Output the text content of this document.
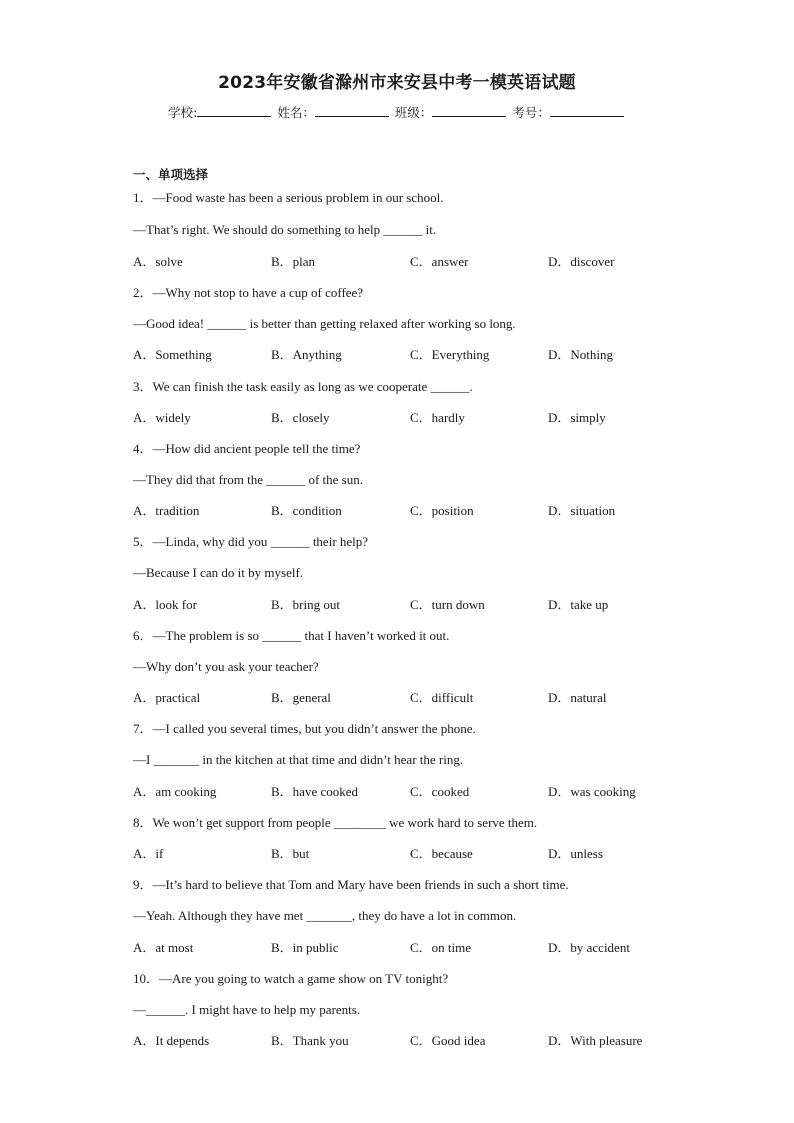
2023年安徽省滁州市来安县中考一模英语试题
学校:	姓名：	班级：	考号：
一、单项选择
1．—Food waste has been a serious problem in our school.
—That’s right. We should do something to help ______ it.
A．solve	B．plan	C．answer	D．discover
2．—Why not stop to have a cup of coffee?
—Good idea! ______ is better than getting relaxed after working so long.
A．Something	B．Anything	C．Everything	D．Nothing
3．We can finish the task easily as long as we cooperate ______.
A．widely	B．closely	C．hardly	D．simply
4．—How did ancient people tell the time?
—They did that from the ______ of the sun.
A．tradition	B．condition	C．position	D．situation
5．—Linda, why did you ______ their help?
—Because I can do it by myself.
A．look for	B．bring out	C．turn down	D．take up
6．—The problem is so ______ that I haven’t worked it out.
—Why don’t you ask your teacher?
A．practical	B．general	C．difficult	D．natural
7．—I called you several times, but you didn’t answer the phone.
—I _______ in the kitchen at that time and didn’t hear the ring.
A．am cooking	B．have cooked	C．cooked	D．was cooking
8．We won’t get support from people ________ we work hard to serve them.
A．if	B．but	C．because	D．unless
9．—It’s hard to believe that Tom and Mary have been friends in such a short time.
—Yeah. Although they have met _______, they do have a lot in common.
A．at most	B．in public	C．on time	D．by accident
10．—Are you going to watch a game show on TV tonight?
—______. I might have to help my parents.
A．It depends	B．Thank you	C．Good idea	D．With pleasure
